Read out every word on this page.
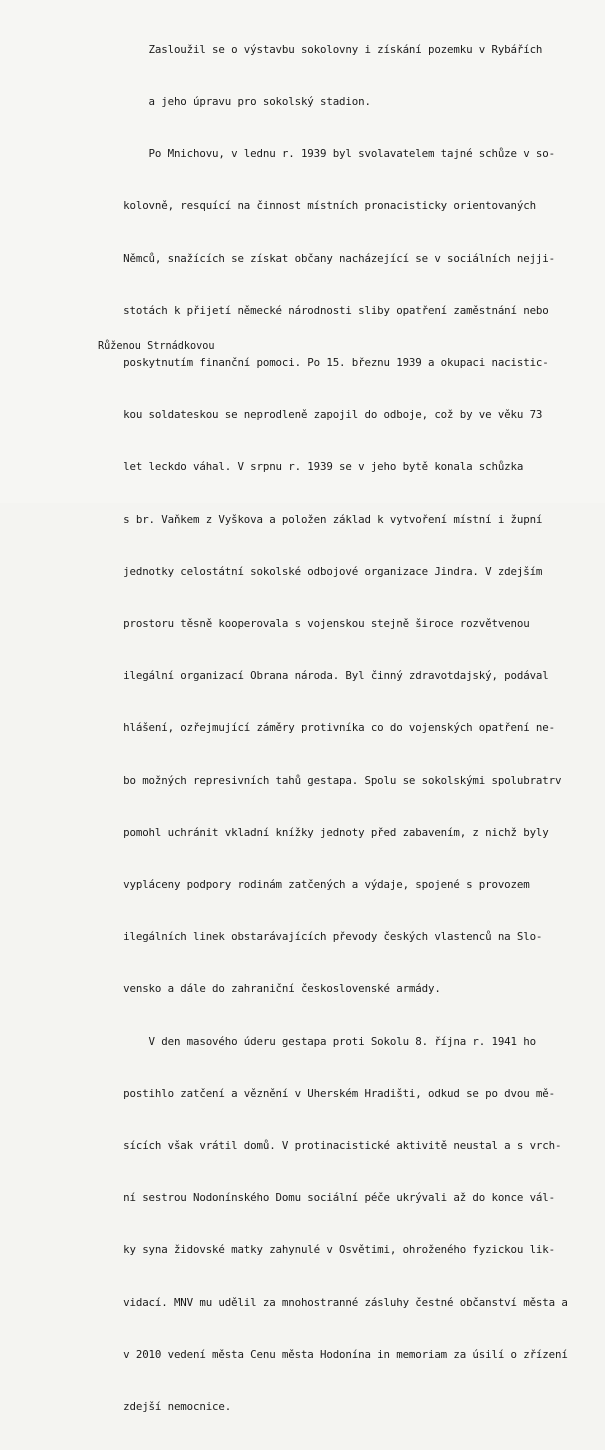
Zasloužil se o výstavbu sokolovny i získání pozemku v Rybářích

a jeho úpravu pro sokolský stadion.

Po Mnichovu, v lednu r. 1939 byl svolavatelem tajné schůze v so-

kolovně, resquící na činnost místních pronacisticky orientovaných

Němců, snažících se získat občany nacházející se v sociálních nejji-

stotách k přijetí německé národnosti sliby opatření zaměstnání nebo

poskytnutím finanční pomoci. Po 15. březnu 1939 a okupaci nacistic-

kou soldateskou se neprodleně zapojil do odboje, což by ve věku 73

let leckdo váhal. V srpnu r. 1939 se v jeho bytě konala schůzka

s br. Vaňkem z Vyškova a položen základ k vytvoření místní i župní

jednotky celostátní sokolské odbojové organizace Jindra. V zdejším

prostoru těsně kooperovala s vojenskou stejně široce rozvětvenou

ilegální organizací Obrana národa. Byl činný zdravotdajský, podával

hlášení, ozřejmující záměry protivníka co do vojenských opatření ne-

bo možných represivních tahů gestapa. Spolu se sokolskými spolubratrv

pomohl uchránit vkladní knížky jednoty před zabavením, z nichž byly

vypláceny podpory rodinám zatčených a výdaje, spojené s provozem

ilegálních linek obstarávajících převody českých vlastenců na Slo-

vensko a dále do zahraniční československé armády.

V den masového úderu gestapa proti Sokolu 8. října r. 1941 ho

postihlo zatčení a věznění v Uherském Hradišti, odkud se po dvou mě-

sících však vrátil domů. V protinacistické aktivitě neustal a s vrch-

ní sestrou Nodonínského Domu sociální péče ukrývali až do konce vál-

ky syna židovské matky zahynulé v Osvětimi, ohroženého fyzickou lik-

vidací. MNV mu udělil za mnohostranné zásluhy čestné občanství města a

v 2010 vedení města Cenu města Hodonína in memoriam za úsilí o zřízení

zdejší nemocnice.

Růženou Strnádkovou
